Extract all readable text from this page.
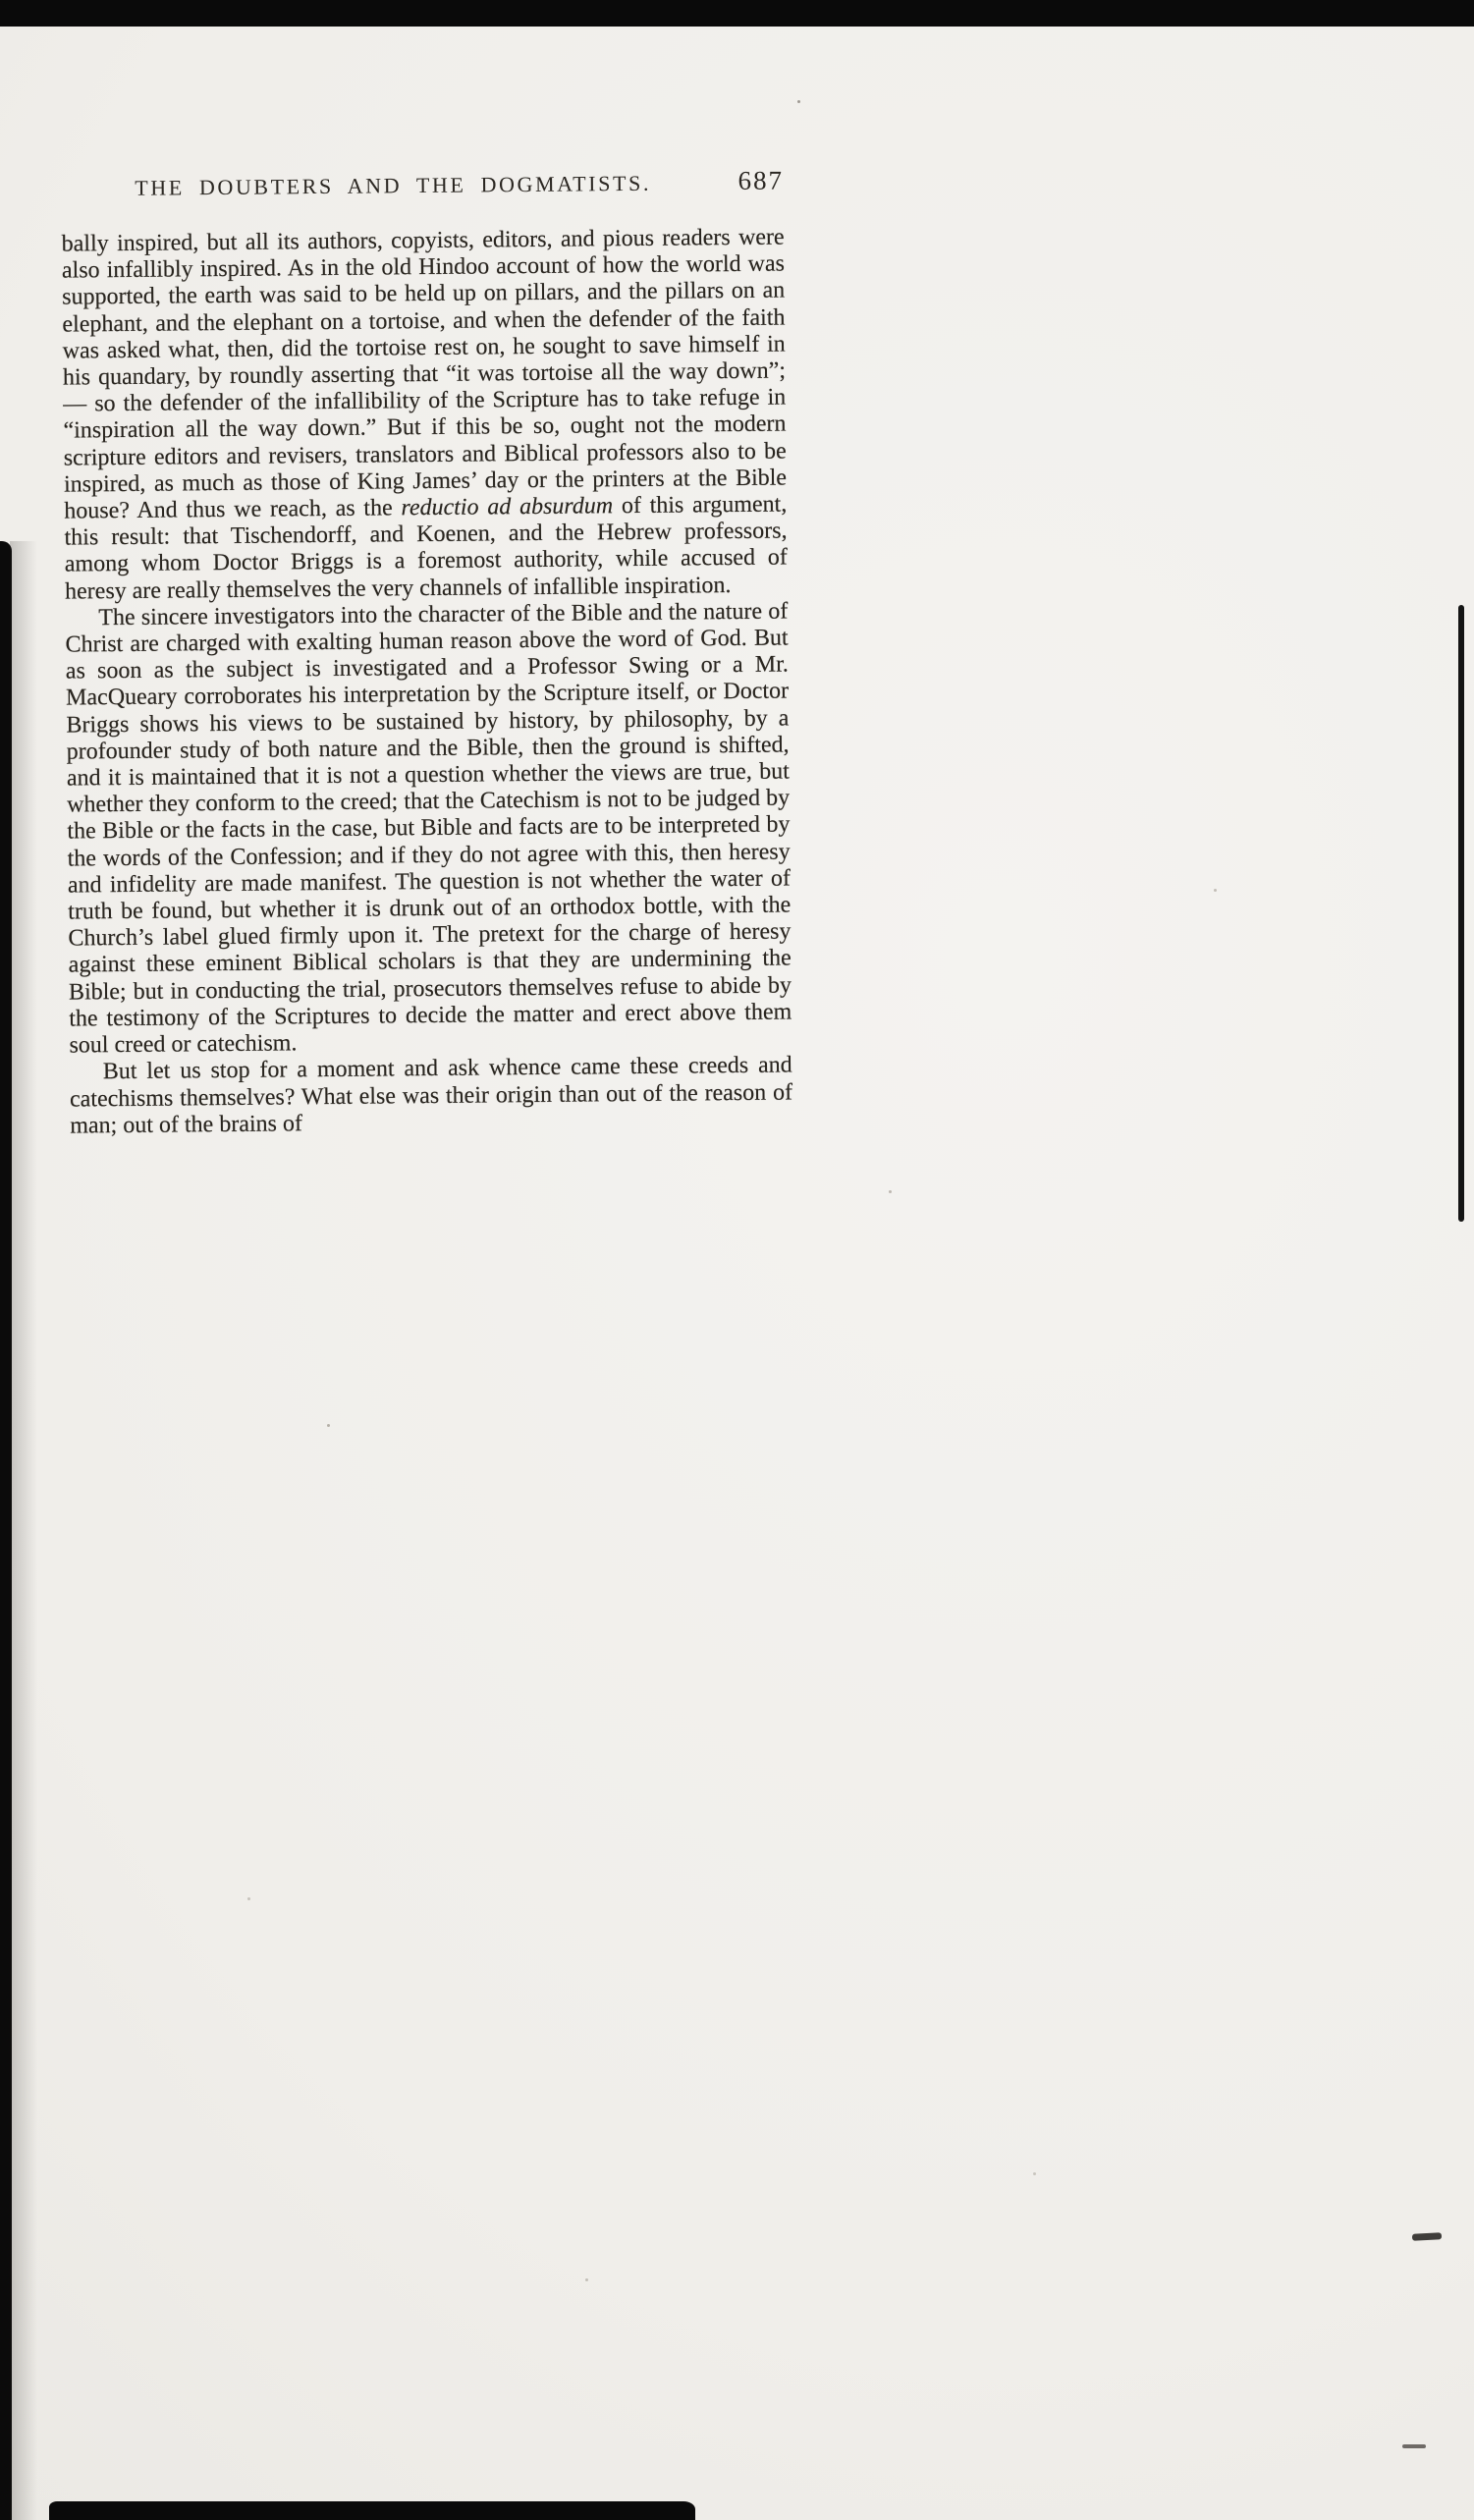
THE DOUBTERS AND THE DOGMATISTS.	687

bally inspired, but all its authors, copyists, editors, and pious readers were also infallibly inspired. As in the old Hindoo account of how the world was supported, the earth was said to be held up on pillars, and the pillars on an elephant, and the elephant on a tortoise, and when the defender of the faith was asked what, then, did the tortoise rest on, he sought to save himself in his quandary, by roundly asserting that “it was tortoise all the way down”; — so the defender of the infallibility of the Scripture has to take refuge in “inspiration all the way down.” But if this be so, ought not the modern scripture editors and revisers, translators and Biblical professors also to be inspired, as much as those of King James’ day or the printers at the Bible house? And thus we reach, as the reductio ad absurdum of this argument, this result: that Tischendorff, and Koenen, and the Hebrew professors, among whom Doctor Briggs is a foremost authority, while accused of heresy are really themselves the very channels of infallible inspiration.

The sincere investigators into the character of the Bible and the nature of Christ are charged with exalting human reason above the word of God. But as soon as the subject is investigated and a Professor Swing or a Mr. MacQueary corroborates his interpretation by the Scripture itself, or Doctor Briggs shows his views to be sustained by history, by philosophy, by a profounder study of both nature and the Bible, then the ground is shifted, and it is maintained that it is not a question whether the views are true, but whether they conform to the creed; that the Catechism is not to be judged by the Bible or the facts in the case, but Bible and facts are to be interpreted by the words of the Confession; and if they do not agree with this, then heresy and infidelity are made manifest. The question is not whether the water of truth be found, but whether it is drunk out of an orthodox bottle, with the Church’s label glued firmly upon it. The pretext for the charge of heresy against these eminent Biblical scholars is that they are undermining the Bible; but in conducting the trial, prosecutors themselves refuse to abide by the testimony of the Scriptures to decide the matter and erect above them soul creed or catechism.

But let us stop for a moment and ask whence came these creeds and catechisms themselves? What else was their origin than out of the reason of man; out of the brains of
